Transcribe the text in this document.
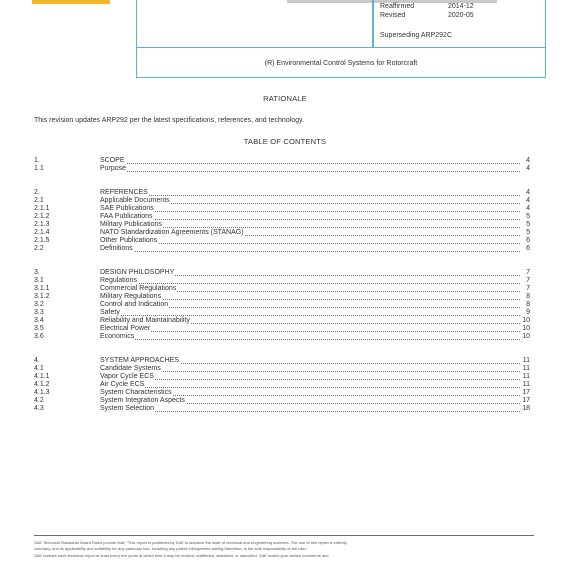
Reaffirmed	2014-12
Revised	2020-05
Superseding ARP292C
(R) Environmental Control Systems for Rotorcraft
RATIONALE
This revision updates ARP292 per the latest specifications, references, and technology.
TABLE OF CONTENTS
1.	SCOPE	4
1.1	Purpose	4
2.	REFERENCES	4
2.1	Applicable Documents	4
2.1.1	SAE Publications	4
2.1.2	FAA Publications	5
2.1.3	Military Publications	5
2.1.4	NATO Standardization Agreements (STANAG)	5
2.1.5	Other Publications	6
2.2	Definitions	6
3.	DESIGN PHILOSOPHY	7
3.1	Regulations	7
3.1.1	Commercial Regulations	7
3.1.2	Military Regulations	8
3.2	Control and Indication	8
3.3	Safety	9
3.4	Reliability and Maintainability	10
3.5	Electrical Power	10
3.6	Economics	10
4.	SYSTEM APPROACHES	11
4.1	Candidate Systems	11
4.1.1	Vapor Cycle ECS	11
4.1.2	Air Cycle ECS	11
4.1.3	System Characteristics	17
4.2	System Integration Aspects	17
4.3	System Selection	18
SAE Technical Standards Board Rules provide that: "This report is published by SAE to advance the state of technical and engineering sciences. The use of this report is entirely
voluntary, and its applicability and suitability for any particular use, including any patent infringement arising therefrom, is the sole responsibility of the user."
SAE reviews each technical report at least every five years at which time it may be revised, reaffirmed, stabilized, or cancelled. SAE invites your written comments and
